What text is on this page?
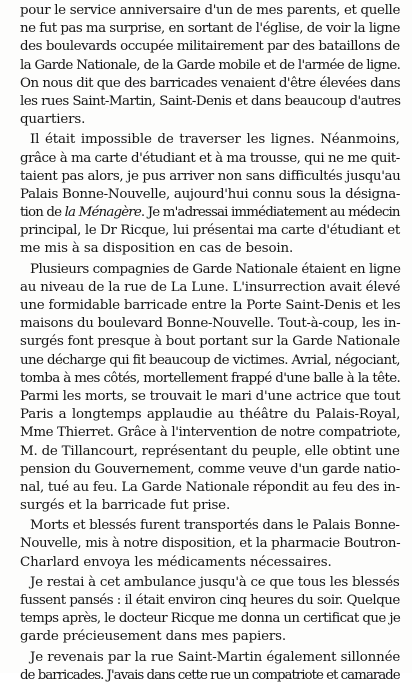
pour le service anniversaire d'un de mes parents, et quelle
ne fut pas ma surprise, en sortant de l'église, de voir la ligne
des boulevards occupée militairement par des bataillons de
la Garde Nationale, de la Garde mobile et de l'armée de ligne.
On nous dit que des barricades venaient d'être élevées dans
les rues Saint-Martin, Saint-Denis et dans beaucoup d'autres
quartiers.
Il était impossible de traverser les lignes. Néanmoins,
grâce à ma carte d'étudiant et à ma trousse, qui ne me quit-
taient pas alors, je pus arriver non sans difficultés jusqu'au
Palais Bonne-Nouvelle, aujourd'hui connu sous la désigna-
tion de la Ménagère. Je m'adressai immédiatement au médecin
principal, le Dr Ricque, lui présentai ma carte d'étudiant et
me mis à sa disposition en cas de besoin.
Plusieurs compagnies de Garde Nationale étaient en ligne
au niveau de la rue de La Lune. L'insurrection avait élevé
une formidable barricade entre la Porte Saint-Denis et les
maisons du boulevard Bonne-Nouvelle. Tout-à-coup, les in-
surgés font presque à bout portant sur la Garde Nationale
une décharge qui fit beaucoup de victimes. Avrial, négociant,
tomba à mes côtés, mortellement frappé d'une balle à la tête.
Parmi les morts, se trouvait le mari d'une actrice que tout
Paris a longtemps applaudie au théâtre du Palais-Royal,
Mme Thierret. Grâce à l'intervention de notre compatriote,
M. de Tillancourt, représentant du peuple, elle obtint une
pension du Gouvernement, comme veuve d'un garde natio-
nal, tué au feu. La Garde Nationale répondit au feu des in-
surgés et la barricade fut prise.
Morts et blessés furent transportés dans le Palais Bonne-
Nouvelle, mis à notre disposition, et la pharmacie Boutron-
Charlard envoya les médicaments nécessaires.
Je restai à cet ambulance jusqu'à ce que tous les blessés
fussent pansés : il était environ cinq heures du soir. Quelque
temps après, le docteur Ricque me donna un certificat que je
garde précieusement dans mes papiers.
Je revenais par la rue Saint-Martin également sillonnée
de barricades. J'avais dans cette rue un compatriote et camarade
